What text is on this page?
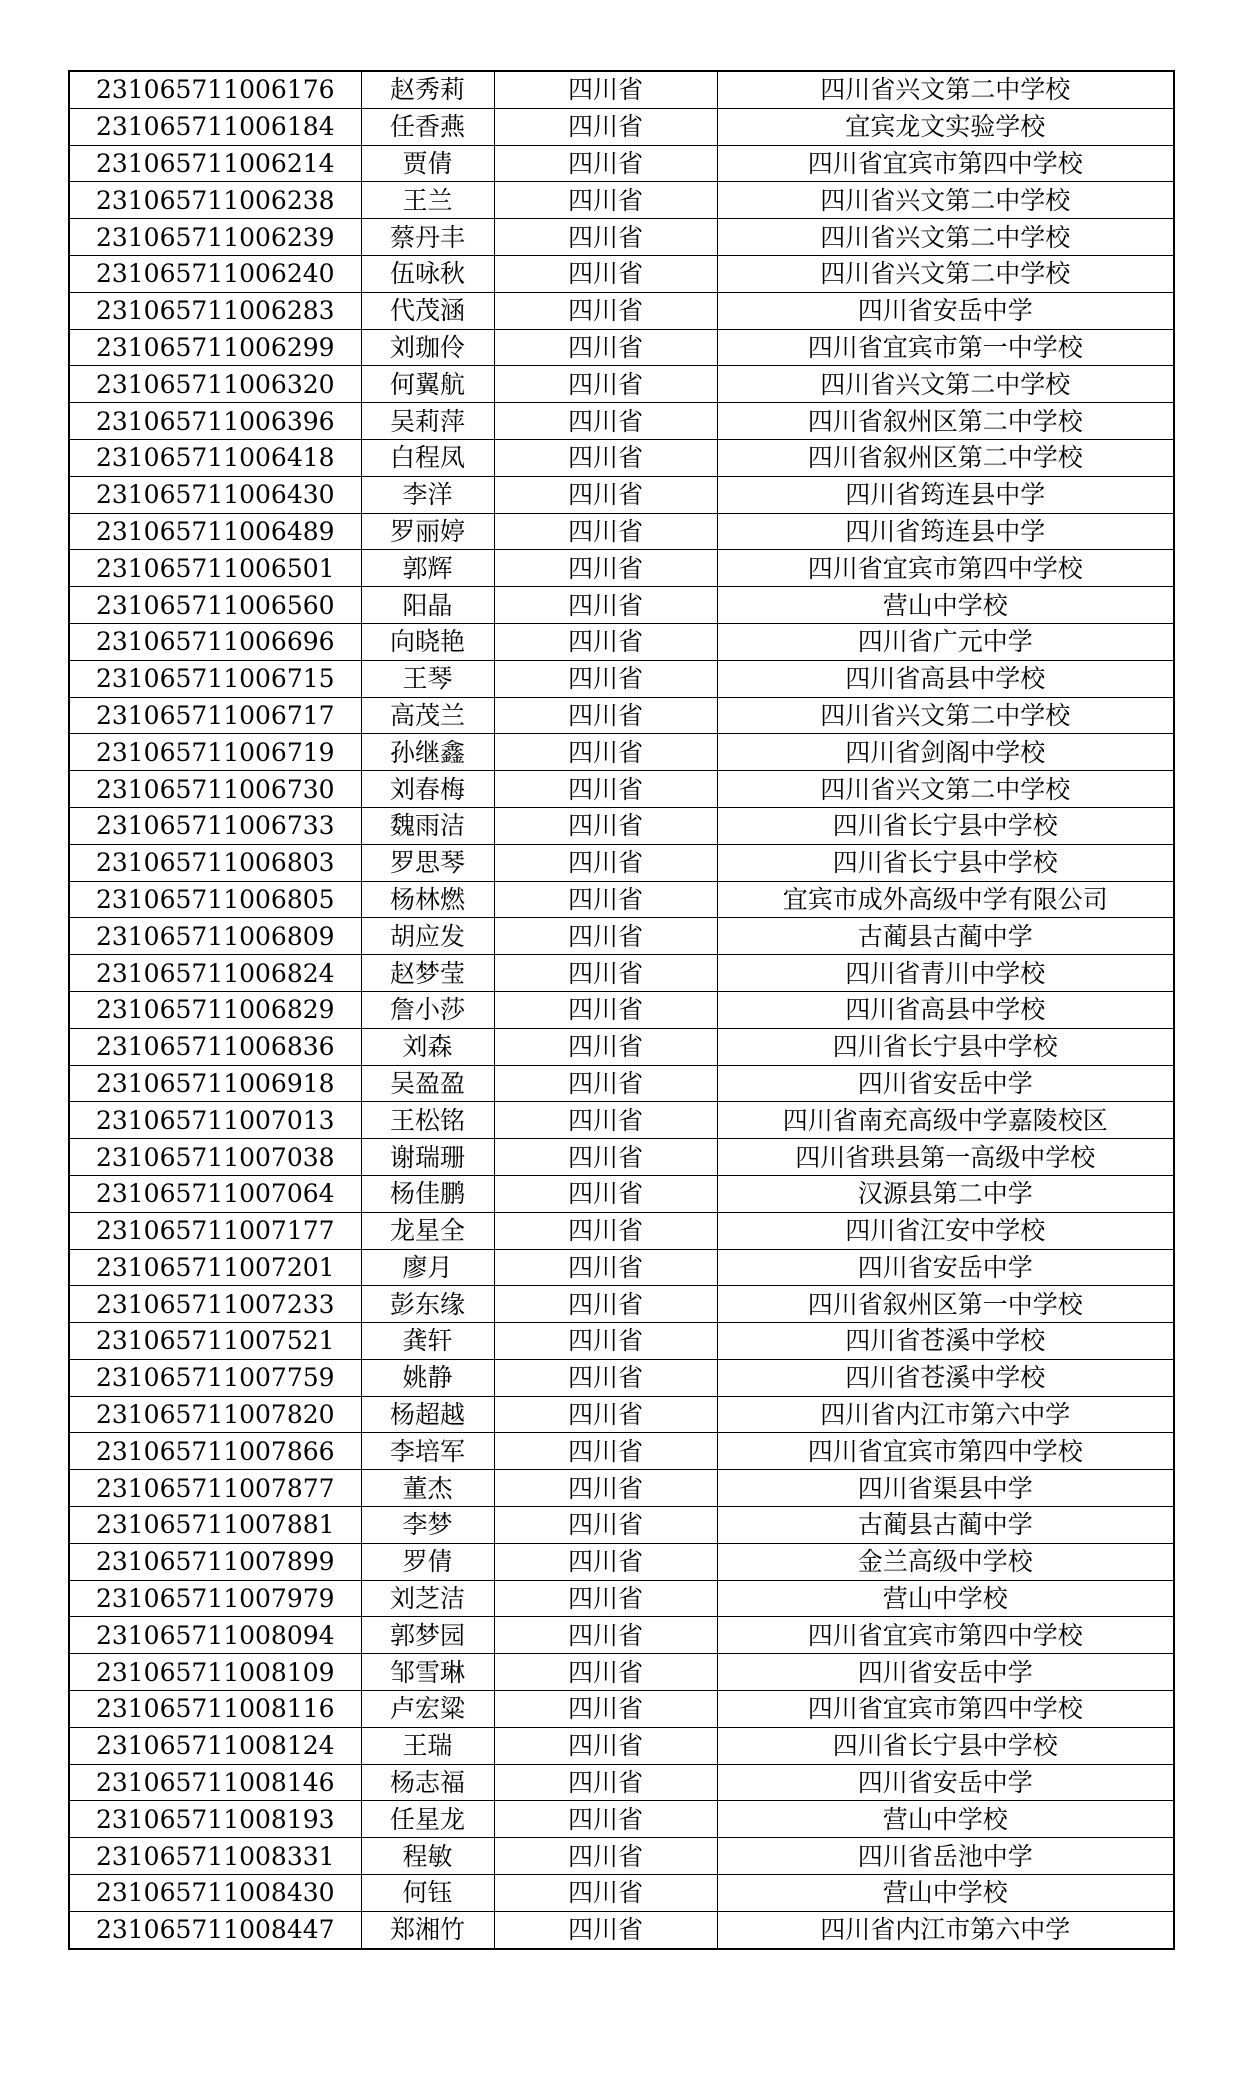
231065711006176	赵秀莉	四川省	四川省兴文第二中学校
231065711006184	任香燕	四川省	宜宾龙文实验学校
231065711006214	贾倩	四川省	四川省宜宾市第四中学校
231065711006238	王兰	四川省	四川省兴文第二中学校
231065711006239	蔡丹丰	四川省	四川省兴文第二中学校
231065711006240	伍咏秋	四川省	四川省兴文第二中学校
231065711006283	代茂涵	四川省	四川省安岳中学
231065711006299	刘珈伶	四川省	四川省宜宾市第一中学校
231065711006320	何翼航	四川省	四川省兴文第二中学校
231065711006396	吴莉萍	四川省	四川省叙州区第二中学校
231065711006418	白程凤	四川省	四川省叙州区第二中学校
231065711006430	李洋	四川省	四川省筠连县中学
231065711006489	罗丽婷	四川省	四川省筠连县中学
231065711006501	郭辉	四川省	四川省宜宾市第四中学校
231065711006560	阳晶	四川省	营山中学校
231065711006696	向晓艳	四川省	四川省广元中学
231065711006715	王琴	四川省	四川省高县中学校
231065711006717	高茂兰	四川省	四川省兴文第二中学校
231065711006719	孙继鑫	四川省	四川省剑阁中学校
231065711006730	刘春梅	四川省	四川省兴文第二中学校
231065711006733	魏雨洁	四川省	四川省长宁县中学校
231065711006803	罗思琴	四川省	四川省长宁县中学校
231065711006805	杨林燃	四川省	宜宾市成外高级中学有限公司
231065711006809	胡应发	四川省	古蔺县古蔺中学
231065711006824	赵梦莹	四川省	四川省青川中学校
231065711006829	詹小莎	四川省	四川省高县中学校
231065711006836	刘森	四川省	四川省长宁县中学校
231065711006918	吴盈盈	四川省	四川省安岳中学
231065711007013	王松铭	四川省	四川省南充高级中学嘉陵校区
231065711007038	谢瑞珊	四川省	四川省珙县第一高级中学校
231065711007064	杨佳鹏	四川省	汉源县第二中学
231065711007177	龙星全	四川省	四川省江安中学校
231065711007201	廖月	四川省	四川省安岳中学
231065711007233	彭东缘	四川省	四川省叙州区第一中学校
231065711007521	龚轩	四川省	四川省苍溪中学校
231065711007759	姚静	四川省	四川省苍溪中学校
231065711007820	杨超越	四川省	四川省内江市第六中学
231065711007866	李培军	四川省	四川省宜宾市第四中学校
231065711007877	董杰	四川省	四川省渠县中学
231065711007881	李梦	四川省	古蔺县古蔺中学
231065711007899	罗倩	四川省	金兰高级中学校
231065711007979	刘芝洁	四川省	营山中学校
231065711008094	郭梦园	四川省	四川省宜宾市第四中学校
231065711008109	邹雪琳	四川省	四川省安岳中学
231065711008116	卢宏粱	四川省	四川省宜宾市第四中学校
231065711008124	王瑞	四川省	四川省长宁县中学校
231065711008146	杨志福	四川省	四川省安岳中学
231065711008193	任星龙	四川省	营山中学校
231065711008331	程敏	四川省	四川省岳池中学
231065711008430	何钰	四川省	营山中学校
231065711008447	郑湘竹	四川省	四川省内江市第六中学
